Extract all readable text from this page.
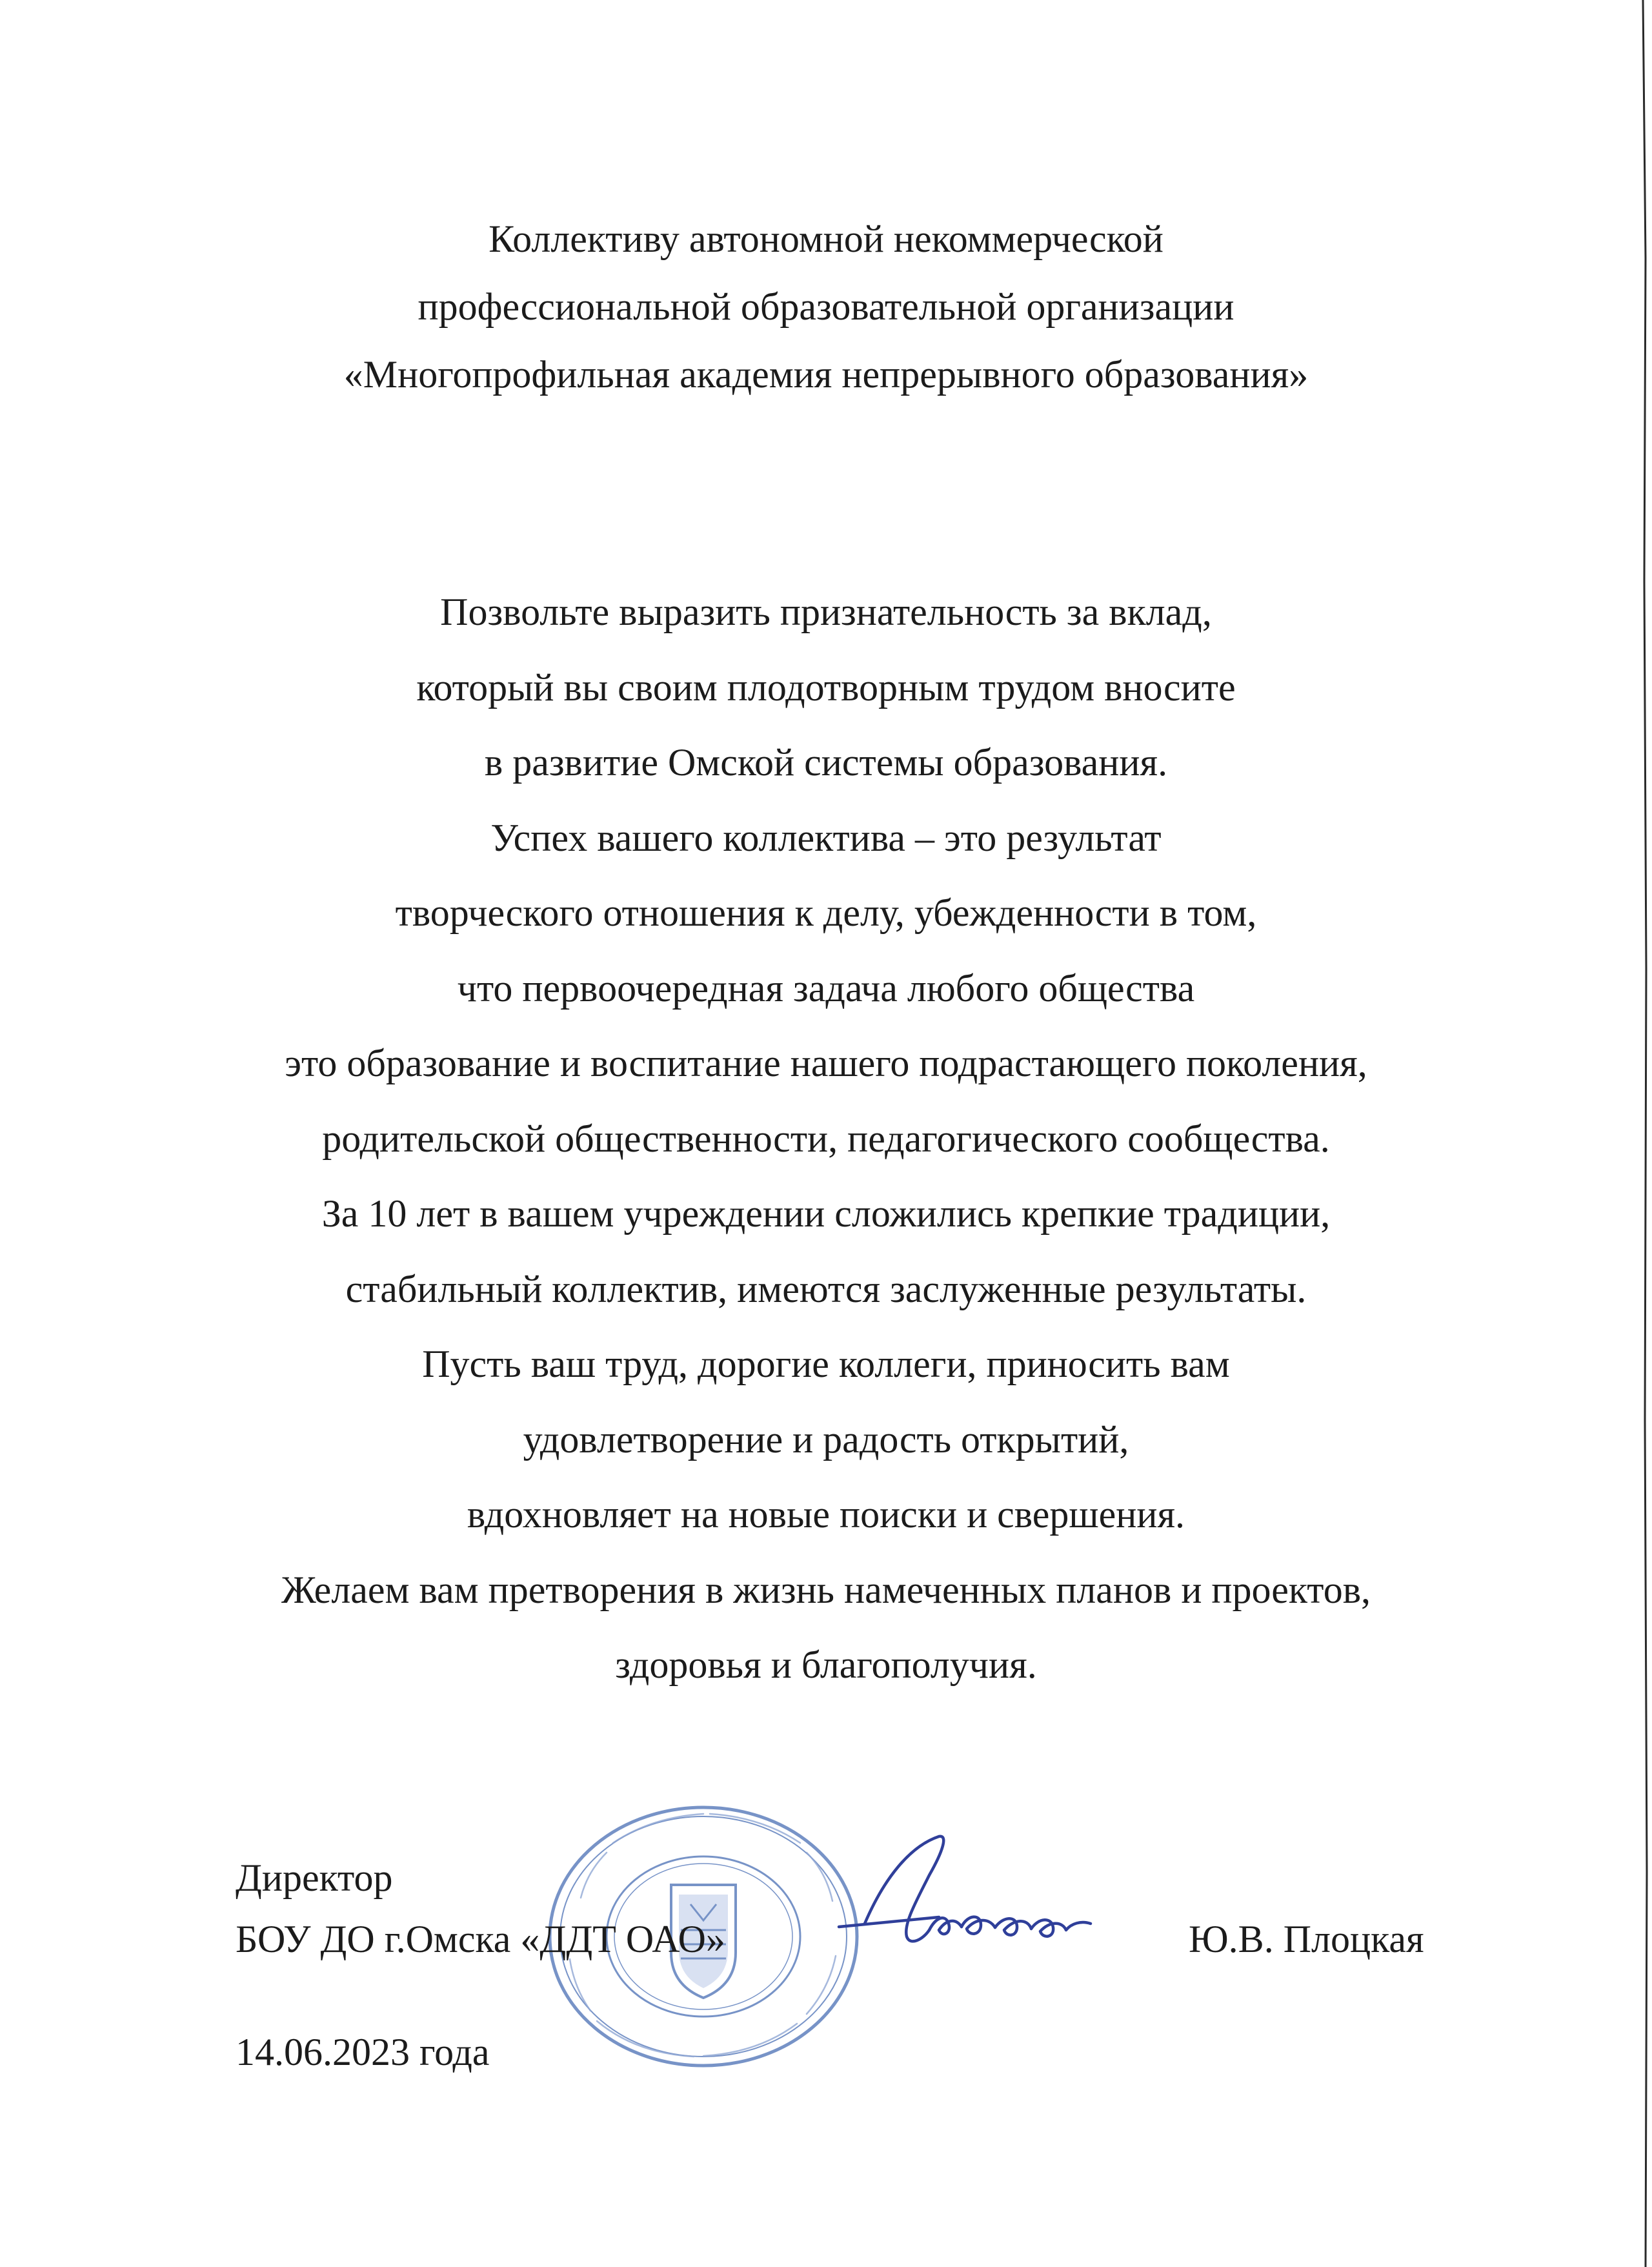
Коллективу автономной некоммерческой
профессиональной образовательной организации
«Многопрофильная академия непрерывного образования»
Позвольте выразить признательность за вклад,
который вы своим плодотворным трудом вносите
в развитие Омской системы образования.
Успех вашего коллектива – это результат
творческого отношения к делу, убежденности в том,
что первоочередная задача любого общества
это образование и воспитание нашего подрастающего поколения,
родительской общественности, педагогического сообщества.
За 10 лет в вашем учреждении сложились крепкие традиции,
стабильный коллектив, имеются заслуженные результаты.
Пусть ваш труд, дорогие коллеги, приносить вам
удовлетворение и радость открытий,
вдохновляет на новые поиски и свершения.
Желаем вам претворения в жизнь намеченных планов и проектов,
здоровья и благополучия.
Директор
БОУ ДО г.Омска «ДДТ ОАО»	Ю.В. Плоцкая
14.06.2023 года
